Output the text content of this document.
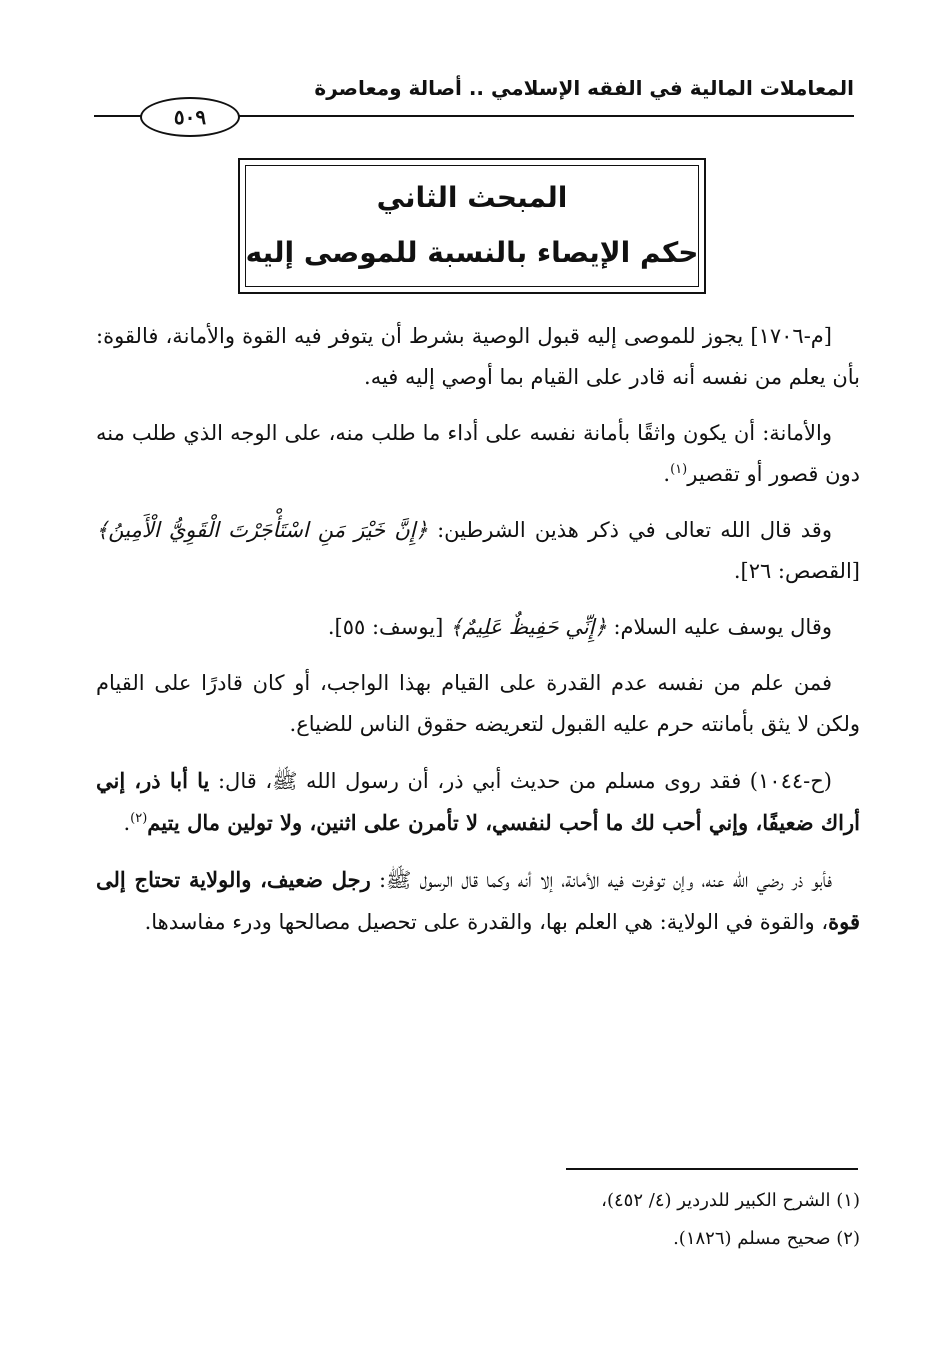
المعاملات المالية في الفقه الإسلامي .. أصالة ومعاصرة
٥٠٩
المبحث الثاني
حكم الإيصاء بالنسبة للموصى إليه

[م-١٧٠٦] يجوز للموصى إليه قبول الوصية بشرط أن يتوفر فيه القوة والأمانة، فالقوة: بأن يعلم من نفسه أنه قادر على القيام بما أوصي إليه فيه.

والأمانة: أن يكون واثقًا بأمانة نفسه على أداء ما طلب منه، على الوجه الذي طلب منه دون قصور أو تقصير$^{(١)}$.

وقد قال الله تعالى في ذكر هذين الشرطين: ﴿إِنَّ خَيْرَ مَنِ اسْتَأْجَرْتَ الْقَوِيُّ الْأَمِينُ﴾ [القصص: ٢٦].

وقال يوسف عليه السلام: ﴿إِنِّي حَفِيظٌ عَلِيمٌ﴾ [يوسف: ٥٥].

فمن علم من نفسه عدم القدرة على القيام بهذا الواجب، أو كان قادرًا على القيام ولكن لا يثق بأمانته حرم عليه القبول لتعريضه حقوق الناس للضياع.

(ح-١٠٤٤) فقد روى مسلم من حديث أبي ذر، أن رسول الله ﷺ، قال: يا أبا ذر، إني أراك ضعيفًا، وإني أحب لك ما أحب لنفسي، لا تأمرن على اثنين، ولا تولين مال يتيم$^{(٢)}$.

فأبو ذر رضي الله عنه، وإن توفرت فيه الأمانة، إلا أنه وكما قال الرسول ﷺ: رجل ضعيف، والولاية تحتاج إلى قوة، والقوة في الولاية: هي العلم بها، والقدرة على تحصيل مصالحها ودرء مفاسدها.

(١) الشرح الكبير للدردير (٤/ ٤٥٢)،
(٢) صحيح مسلم (١٨٢٦).
